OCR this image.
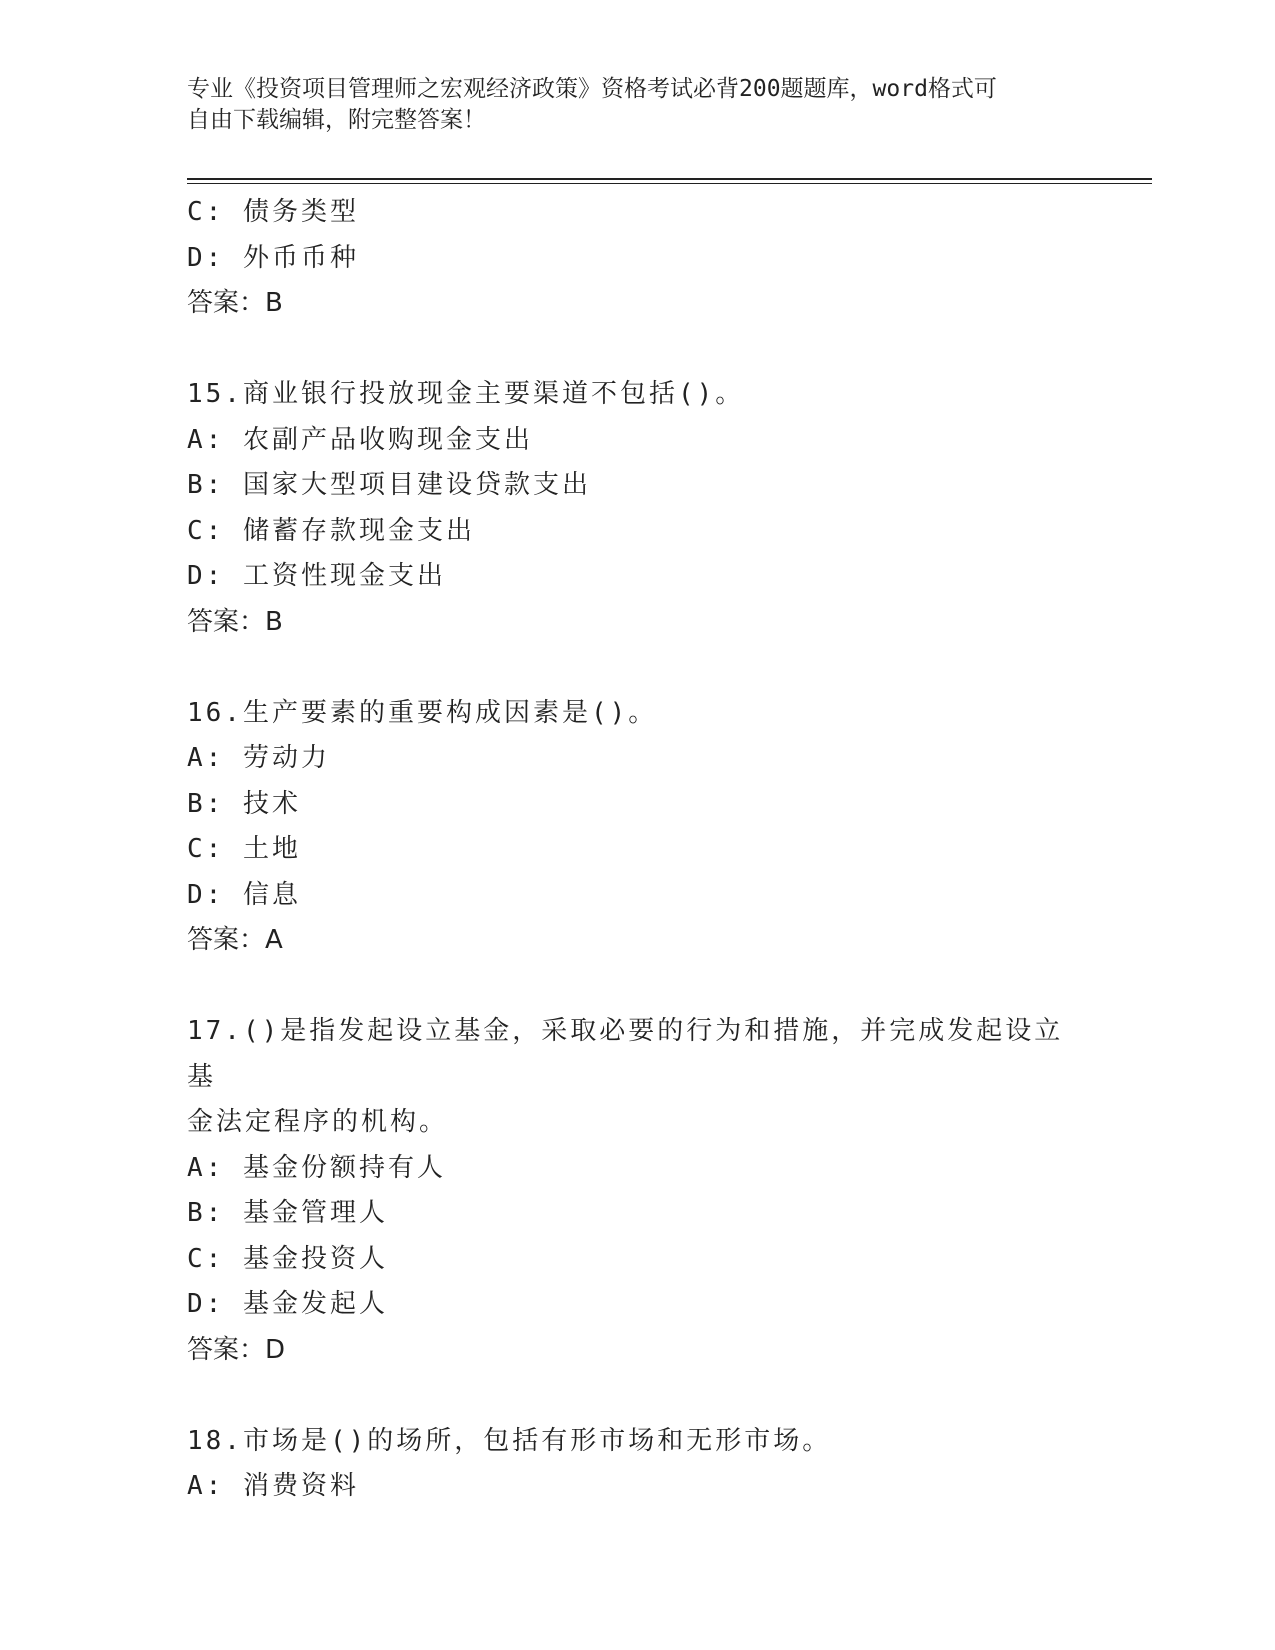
专业《投资项目管理师之宏观经济政策》资格考试必背200题题库，word格式可

自由下载编辑，附完整答案！

C: 债务类型

D: 外币币种

答案：B

15.商业银行投放现金主要渠道不包括()。

A: 农副产品收购现金支出

B: 国家大型项目建设贷款支出

C: 储蓄存款现金支出

D: 工资性现金支出

答案：B

16.生产要素的重要构成因素是()。

A: 劳动力

B: 技术

C: 土地

D: 信息

答案：A

17.()是指发起设立基金，采取必要的行为和措施，并完成发起设立基

金法定程序的机构。

A: 基金份额持有人

B: 基金管理人

C: 基金投资人

D: 基金发起人

答案：D

18.市场是()的场所，包括有形市场和无形市场。

A: 消费资料
